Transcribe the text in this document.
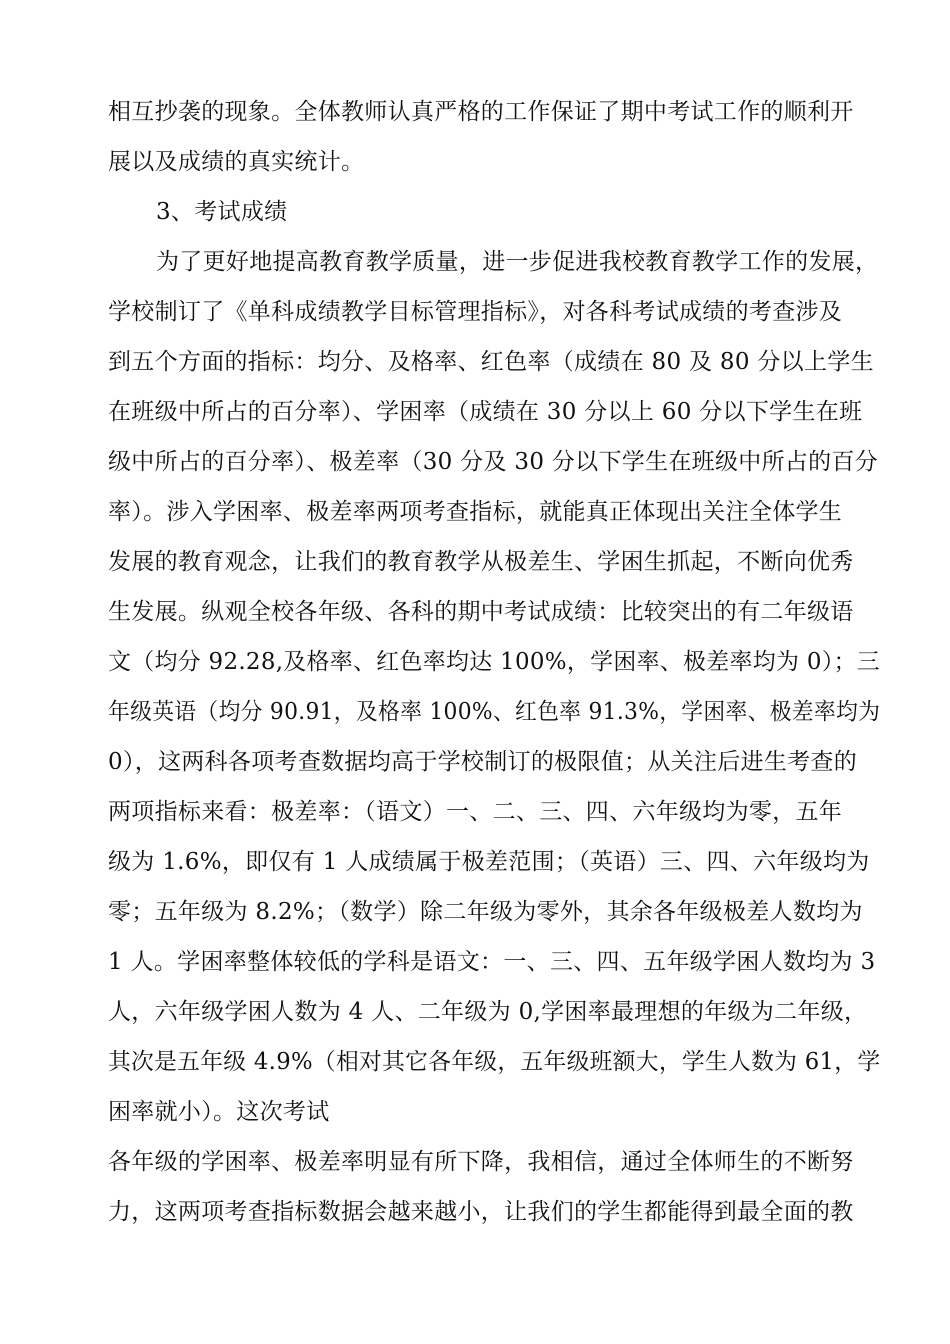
相互抄袭的现象。全体教师认真严格的工作保证了期中考试工作的顺利开
展以及成绩的真实统计。
3、考试成绩
为了更好地提高教育教学质量，进一步促进我校教育教学工作的发展，
学校制订了《单科成绩教学目标管理指标》，对各科考试成绩的考查涉及
到五个方面的指标：均分、及格率、红色率（成绩在 80 及 80 分以上学生
在班级中所占的百分率）、学困率（成绩在 30 分以上 60 分以下学生在班
级中所占的百分率）、极差率（30 分及 30 分以下学生在班级中所占的百分
率）。涉入学困率、极差率两项考查指标，就能真正体现出关注全体学生
发展的教育观念，让我们的教育教学从极差生、学困生抓起，不断向优秀
生发展。纵观全校各年级、各科的期中考试成绩：比较突出的有二年级语
文（均分 92.28,及格率、红色率均达 100%，学困率、极差率均为 0）；三
年级英语（均分 90.91，及格率 100%、红色率 91.3%，学困率、极差率均为
0），这两科各项考查数据均高于学校制订的极限值；从关注后进生考查的
两项指标来看：极差率：（语文）一、二、三、四、六年级均为零，五年
级为 1.6%，即仅有 1 人成绩属于极差范围；（英语）三、四、六年级均为
零；五年级为 8.2%；（数学）除二年级为零外，其余各年级极差人数均为
1 人。学困率整体较低的学科是语文：一、三、四、五年级学困人数均为 3
人，六年级学困人数为 4 人、二年级为 0,学困率最理想的年级为二年级，
其次是五年级 4.9%（相对其它各年级，五年级班额大，学生人数为 61，学
困率就小）。这次考试
各年级的学困率、极差率明显有所下降，我相信，通过全体师生的不断努
力，这两项考查指标数据会越来越小，让我们的学生都能得到最全面的教
